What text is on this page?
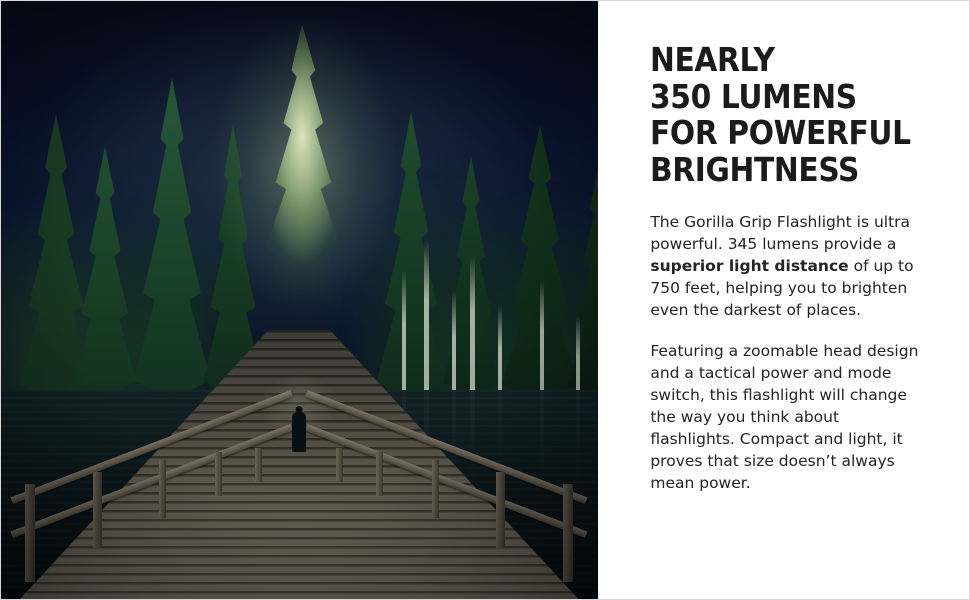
NEARLY
350 LUMENS
FOR POWERFUL
BRIGHTNESS

The Gorilla Grip Flashlight is ultra powerful. 345 lumens provide a superior light distance of up to 750 feet, helping you to brighten even the darkest of places.

Featuring a zoomable head design and a tactical power and mode switch, this flashlight will change the way you think about flashlights. Compact and light, it proves that size doesn’t always mean power.
